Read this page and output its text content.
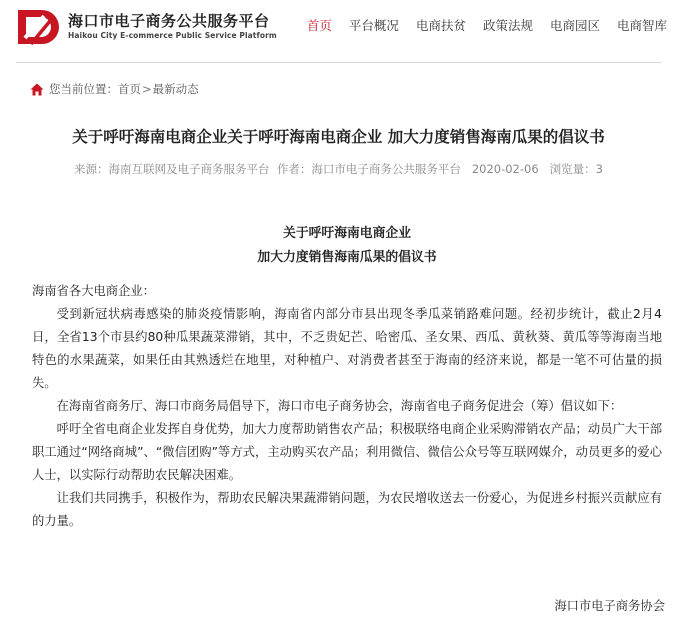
海口市电子商务公共服务平台
Haikou City E-commerce Public Service Platform
首页 平台概况 电商扶贫 政策法规 电商园区 电商智库
您当前位置： 首页 > 最新动态
关于呼吁海南电商企业关于呼吁海南电商企业 加大力度销售海南瓜果的倡议书
来源：海南互联网及电子商务服务平台 作者：海口市电子商务公共服务平台 2020-02-06 浏览量：3
关于呼吁海南电商企业
加大力度销售海南瓜果的倡议书

海南省各大电商企业：

受到新冠状病毒感染的肺炎疫情影响，海南省内部分市县出现冬季瓜菜销路难问题。经初步统计，截止2月4日，全省13个市县约80种瓜果蔬菜滞销，其中，不乏贵妃芒、哈密瓜、圣女果、西瓜、黄秋葵、黄瓜等等海南当地特色的水果蔬菜，如果任由其熟透烂在地里，对种植户、对消费者甚至于海南的经济来说，都是一笔不可估量的损失。

在海南省商务厅、海口市商务局倡导下，海口市电子商务协会，海南省电子商务促进会（筹）倡议如下：

呼吁全省电商企业发挥自身优势，加大力度帮助销售农产品；积极联络电商企业采购滞销农产品；动员广大干部职工通过“网络商城”、“微信团购”等方式，主动购买农产品；利用微信、微信公众号等互联网媒介，动员更多的爱心人士，以实际行动帮助农民解决困难。

让我们共同携手，积极作为，帮助农民解决果蔬滞销问题，为农民增收送去一份爱心，为促进乡村振兴贡献应有的力量。

海口市电子商务协会
